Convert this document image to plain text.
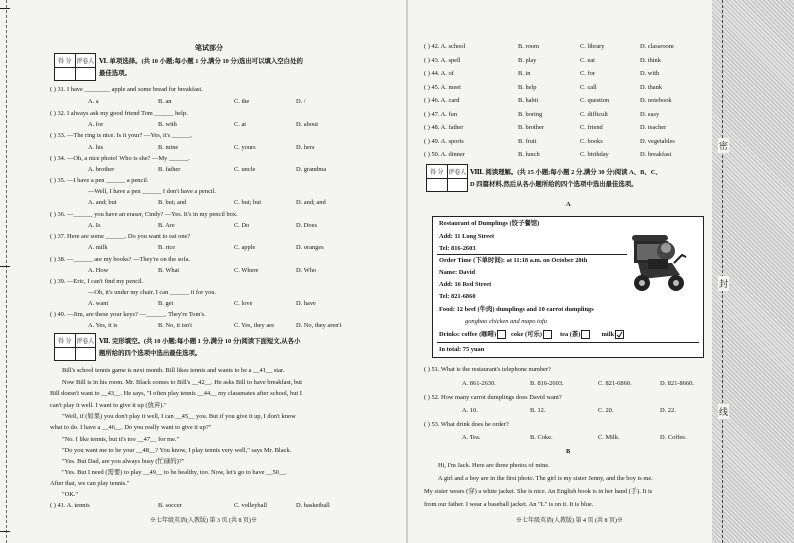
笔试部分
得 分 评卷人 Ⅵ. 单项选择。(共 10 小题;每小题 1 分,满分 10 分)选出可以填入空白处的
最佳选项。
( ) 31. I have ________ apple and some bread for breakfast.
A. a	B. an	C. the	D. /
( ) 32. I always ask my good friend Tom ______ help.
A. for	B. with	C. at	D. about
( ) 33. —The ring is nice. Is it your? —Yes, it's ______.
A. his	B. mine	C. yours	D. hers
( ) 34. —Oh, a nice photo! Who is she? —My ______.
A. brother	B. father	C. uncle	D. grandma
( ) 35. —I have a pen ______ a pencil.
—Well, I have a pen ______ I don't have a pencil.
A. and; but	B. but; and	C. but; but	D. and; and
( ) 36. —______ you have an eraser, Cindy? —Yes. It's in my pencil box.
A. Is	B. Are	C. Do	D. Does
( ) 37. Here are some ______. Do you want to eat one?
A. milk	B. rice	C. apple	D. oranges
( ) 38. —______ are my books? —They're on the sofa.
A. How	B. What	C. Where	D. Who
( ) 39. —Eric, I can't find my pencil.
—Oh, it's under my chair. I can ______ it for you.
A. want	B. get	C. love	D. have
( ) 40. —Jim, are these your keys? —______. They're Tom's.
A. Yes, it is	B. No, it isn't	C. Yes, they are	D. No, they aren't
得 分 评卷人 Ⅶ. 完形填空。(共 10 小题;每小题 1 分,满分 10 分)阅读下面短文,从各小
题所给的四个选项中选出最佳选项。
Bill's school tennis game is next month. Bill likes tennis and wants to be a __41__ star.
Now Bill is in his room. Mr. Black comes to Bill's __42__. He asks Bill to have breakfast, but
Bill doesn't want to __43__. He says, "I often play tennis __44__ my classmates after school, but I
can't play it well. I want to give it up (放弃)."
"Well, if (如果) you don't play it well, I can __45__ you. But if you give it up, I don't know
what to do. I have a __46__. Do you really want to give it up?"
"No. I like tennis, but it's too __47__ for me."
"Do you want me to be your __48__? You know, I play tennis very well," says Mr. Black.
"Yes. But Dad, are you always busy (忙碌的)?"
"Yes. But I need (需要) to play __49__ to be healthy, too. Now, let's go to have __50__.
After that, we can play tennis."
"OK."
( ) 41. A. tennis	B. soccer	C. volleyball	D. basketball
※七年级英语(人教版) 第 3 页 (共 8 页)※
( ) 42. A. school	B. room	C. library	D. classroom
( ) 43. A. spell	B. play	C. eat	D. think
( ) 44. A. of	B. in	C. for	D. with
( ) 45. A. meet	B. help	C. call	D. thank
( ) 46. A. card	B. habit	C. question	D. notebook
( ) 47. A. fun	B. boring	C. difficult	D. easy
( ) 48. A. father	B. brother	C. friend	D. teacher
( ) 49. A. sports	B. fruit	C. books	D. vegetables
( ) 50. A. dinner	B. lunch	C. birthday	D. breakfast
得 分 评卷人 Ⅷ. 阅读理解。(共 15 小题;每小题 2 分,满分 30 分)阅读 A、B、C、
D 四篇材料,然后从各小题所给的四个选项中选出最佳选项。
A
Restaurant of Dumplings (饺子餐馆)
Add: 11 Long Street
Tel: 816-2603
Order Time (下单时间): at 11:18 a.m. on October 28th
Name: David
Add: 16 Red Street
Tel: 821-6860
Food: 12 beef (牛肉) dumplings and 10 carrot dumplings
gongbao chicken and mapo tofu
Drinks: coffee (咖啡) coke (可乐)	tea (茶)	milk
In total: 75 yuan
( ) 51. What is the restaurant's telephone number?
A. 861-2630.	B. 816-2603.	C. 821-6860.	D. 821-8660.
( ) 52. How many carrot dumplings does David want?
A. 10.	B. 12.	C. 20.	D. 22.
( ) 53. What drink does he order?
A. Tea.	B. Coke.	C. Milk.	D. Coffee.
B
Hi, I'm Jack. Here are three photos of mine.
A girl and a boy are in the first photo. The girl is my sister Jenny, and the boy is me.
My sister wears (穿) a white jacket. She is nice. An English book is in her hand (手). It is
from our father. I wear a baseball jacket. An "L" is on it. It is blue.
※七年级英语(人教版) 第 4 页 (共 8 页)※
密
封
线
